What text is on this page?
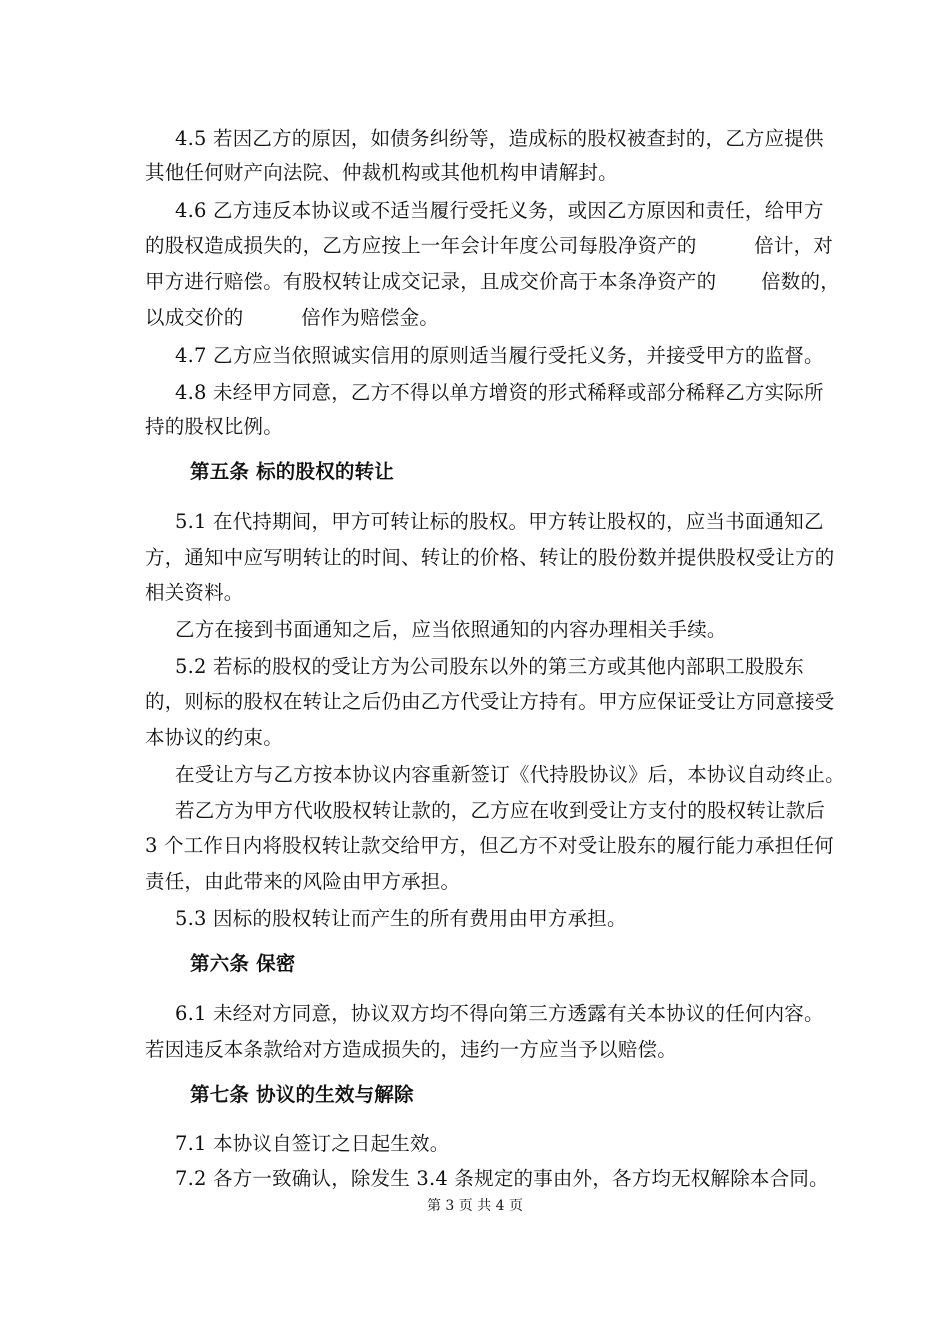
4.5 若因乙方的原因，如债务纠纷等，造成标的股权被查封的，乙方应提供
其他任何财产向法院、仲裁机构或其他机构申请解封。
4.6 乙方违反本协议或不适当履行受托义务，或因乙方原因和责任，给甲方
的股权造成损失的，乙方应按上一年会计年度公司每股净资产的         倍计，对
甲方进行赔偿。有股权转让成交记录，且成交价高于本条净资产的       倍数的，
以成交价的         倍作为赔偿金。
4.7 乙方应当依照诚实信用的原则适当履行受托义务，并接受甲方的监督。
4.8 未经甲方同意，乙方不得以单方增资的形式稀释或部分稀释乙方实际所
持的股权比例。
第五条 标的股权的转让
5.1 在代持期间，甲方可转让标的股权。甲方转让股权的，应当书面通知乙
方，通知中应写明转让的时间、转让的价格、转让的股份数并提供股权受让方的
相关资料。
乙方在接到书面通知之后，应当依照通知的内容办理相关手续。
5.2 若标的股权的受让方为公司股东以外的第三方或其他内部职工股股东
的，则标的股权在转让之后仍由乙方代受让方持有。甲方应保证受让方同意接受
本协议的约束。
在受让方与乙方按本协议内容重新签订《代持股协议》后，本协议自动终止。
若乙方为甲方代收股权转让款的，乙方应在收到受让方支付的股权转让款后
3 个工作日内将股权转让款交给甲方，但乙方不对受让股东的履行能力承担任何
责任，由此带来的风险由甲方承担。
5.3 因标的股权转让而产生的所有费用由甲方承担。
第六条 保密
6.1 未经对方同意，协议双方均不得向第三方透露有关本协议的任何内容。
若因违反本条款给对方造成损失的，违约一方应当予以赔偿。
第七条 协议的生效与解除
7.1 本协议自签订之日起生效。
7.2 各方一致确认，除发生 3.4 条规定的事由外，各方均无权解除本合同。
第 3 页 共 4 页
